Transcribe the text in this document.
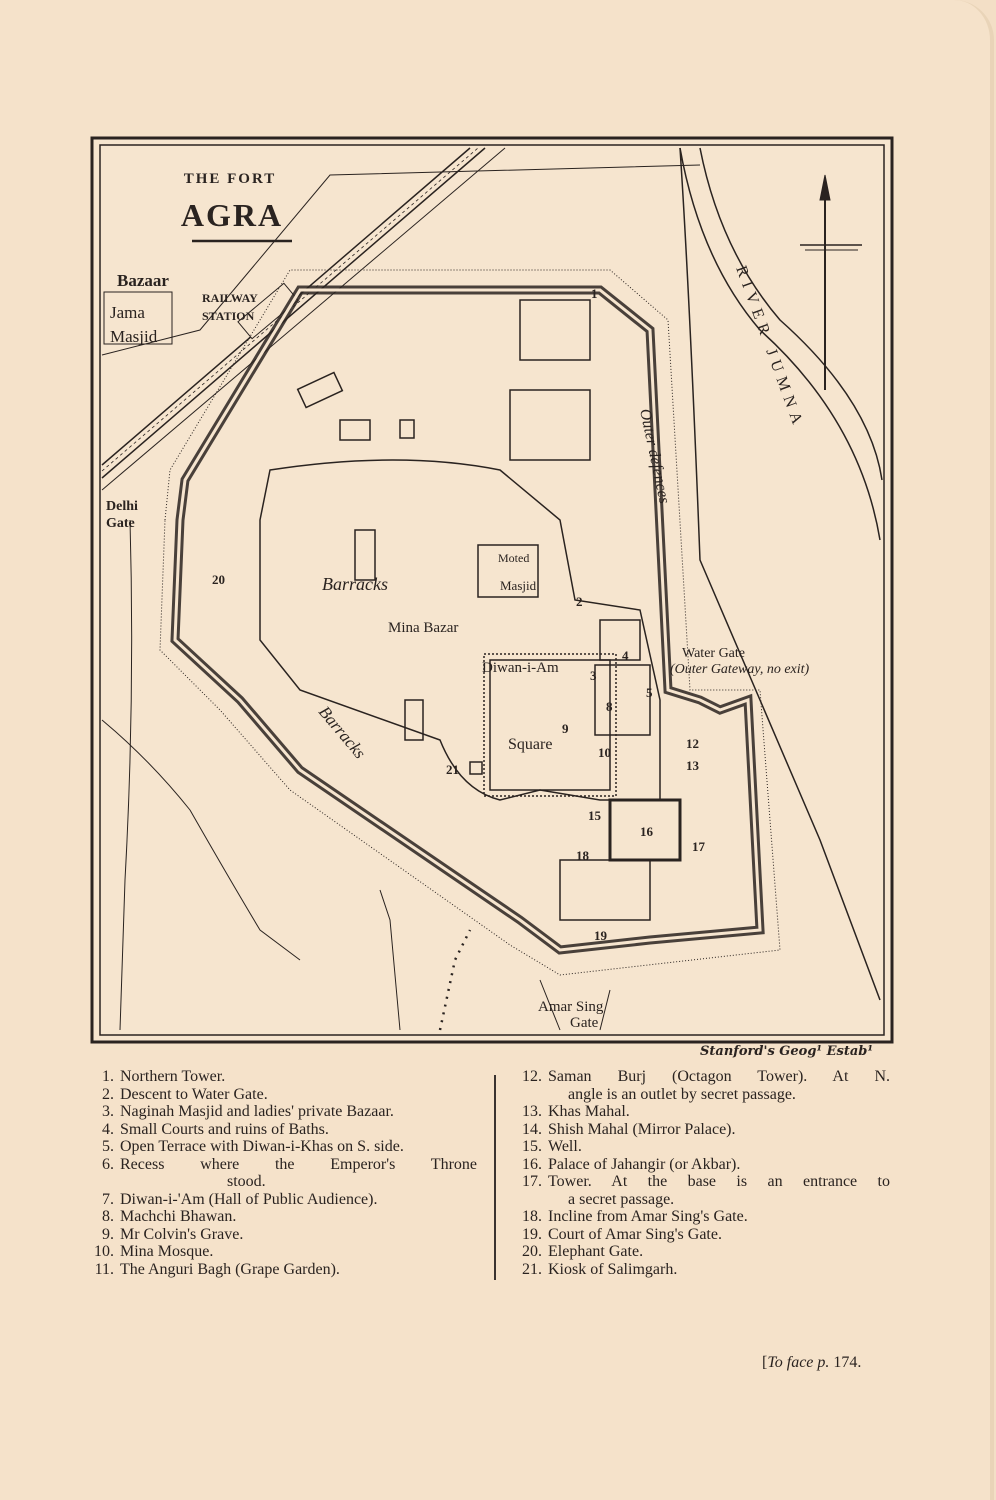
THE FORT
AGRA
Bazaar
Jama
Masjid
RAILWAY
STATION
Delhi
Gate
Barracks
Barracks
Moted
Masjid
Mina Bazar
Diwan-i-Am
Square
Water Gate
(Outer Gateway, no exit)
Outer defences
RIVER JUMNA
Amar Sing
Gate
1
2
3
4
5
8
9
10
12
13
15
16
17
18
19
20
21
Stanford's Geog¹ Estab¹
1. Northern Tower.
2. Descent to Water Gate.
3. Naginah Masjid and ladies' private Bazaar.
4. Small Courts and ruins of Baths.
5. Open Terrace with Diwan-i-Khas on S. side.
6. Recess where the Emperor's Throne
stood.
7. Diwan-i-'Am (Hall of Public Audience).
8. Machchi Bhawan.
9. Mr Colvin's Grave.
10. Mina Mosque.
11. The Anguri Bagh (Grape Garden).
12. Saman Burj (Octagon Tower). At N.
angle is an outlet by secret passage.
13. Khas Mahal.
14. Shish Mahal (Mirror Palace).
15. Well.
16. Palace of Jahangir (or Akbar).
17. Tower. At the base is an entrance to
a secret passage.
18. Incline from Amar Sing's Gate.
19. Court of Amar Sing's Gate.
20. Elephant Gate.
21. Kiosk of Salimgarh.
[To face p. 174.
